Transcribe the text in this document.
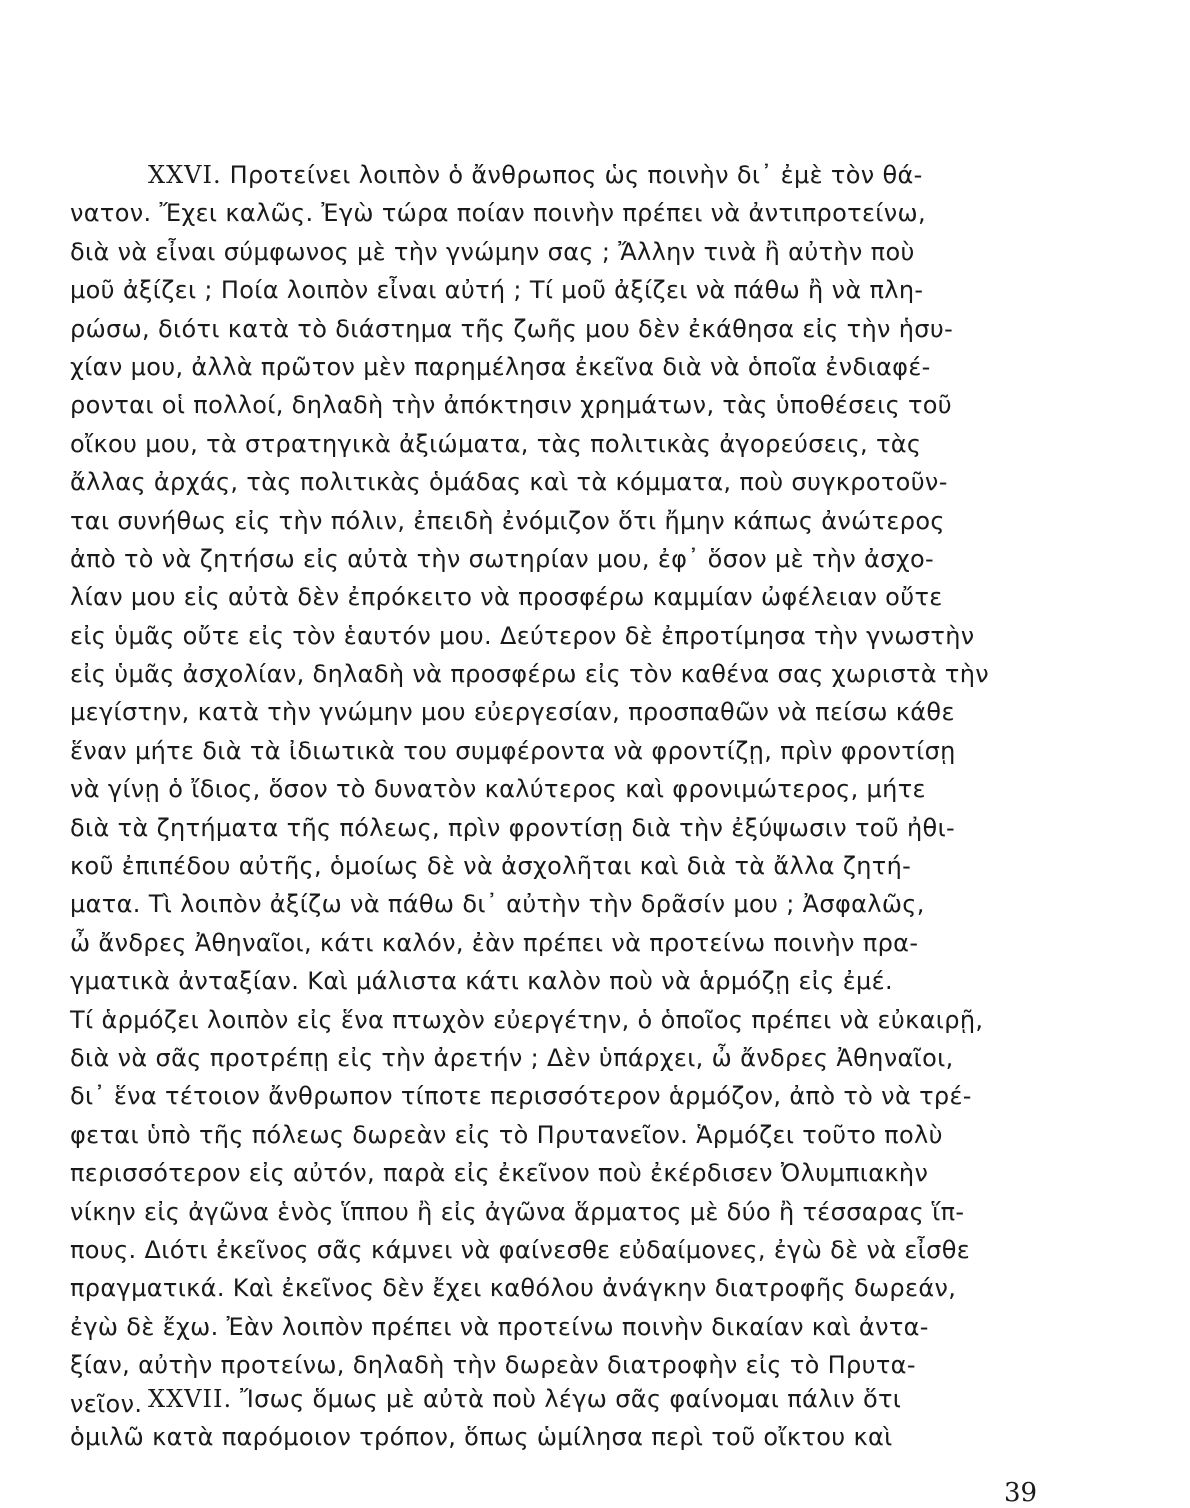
XXVI. Προτείνει λοιπὸν ὁ ἄνθρωπος ὡς ποινὴν δι᾽ ἐμὲ τὸν θά-
νατον. Ἔχει καλῶς. Ἐγὼ τώρα ποίαν ποινὴν πρέπει νὰ ἀντιπροτείνω,
διὰ νὰ εἶναι σύμφωνος μὲ τὴν γνώμην σας ; Ἄλλην τινὰ ἢ αὐτὴν ποὺ
μοῦ ἀξίζει ; Ποία λοιπὸν εἶναι αὐτή ; Τί μοῦ ἀξίζει νὰ πάθω ἢ νὰ πλη-
ρώσω, διότι κατὰ τὸ διάστημα τῆς ζωῆς μου δὲν ἐκάθησα εἰς τὴν ἡσυ-
χίαν μου, ἀλλὰ πρῶτον μὲν παρημέλησα ἐκεῖνα διὰ νὰ ὁποῖα ἐνδιαφέ-
ρονται οἱ πολλοί, δηλαδὴ τὴν ἀπόκτησιν χρημάτων, τὰς ὑποθέσεις τοῦ
οἴκου μου, τὰ στρατηγικὰ ἀξιώματα, τὰς πολιτικὰς ἀγορεύσεις, τὰς
ἄλλας ἀρχάς, τὰς πολιτικὰς ὁμάδας καὶ τὰ κόμματα, ποὺ συγκροτοῦν-
ται συνήθως εἰς τὴν πόλιν, ἐπειδὴ ἐνόμιζον ὅτι ἤμην κάπως ἀνώτερος
ἀπὸ τὸ νὰ ζητήσω εἰς αὐτὰ τὴν σωτηρίαν μου, ἐφ᾽ ὅσον μὲ τὴν ἀσχο-
λίαν μου εἰς αὐτὰ δὲν ἐπρόκειτο νὰ προσφέρω καμμίαν ὠφέλειαν οὔτε
εἰς ὑμᾶς οὔτε εἰς τὸν ἑαυτόν μου. Δεύτερον δὲ ἐπροτίμησα τὴν γνωστὴν
εἰς ὑμᾶς ἀσχολίαν, δηλαδὴ νὰ προσφέρω εἰς τὸν καθένα σας χωριστὰ τὴν
μεγίστην, κατὰ τὴν γνώμην μου εὐεργεσίαν, προσπαθῶν νὰ πείσω κάθε
ἕναν μήτε διὰ τὰ ἰδιωτικὰ του συμφέροντα νὰ φροντίζῃ, πρὶν φροντίσῃ
νὰ γίνῃ ὁ ἴδιος, ὅσον τὸ δυνατὸν καλύτερος καὶ φρονιμώτερος, μήτε
διὰ τὰ ζητήματα τῆς πόλεως, πρὶν φροντίσῃ διὰ τὴν ἐξύψωσιν τοῦ ἠθι-
κοῦ ἐπιπέδου αὐτῆς, ὁμοίως δὲ νὰ ἀσχολῆται καὶ διὰ τὰ ἄλλα ζητή-
ματα. Τὶ λοιπὸν ἀξίζω νὰ πάθω δι᾽ αὐτὴν τὴν δρᾶσίν μου ; Ἀσφαλῶς,
ὦ ἄνδρες Ἀθηναῖοι, κάτι καλόν, ἐὰν πρέπει νὰ προτείνω ποινὴν πρα-
γματικὰ ἀνταξίαν. Καὶ μάλιστα κάτι καλὸν ποὺ νὰ ἁρμόζῃ εἰς ἐμέ.
Τί ἁρμόζει λοιπὸν εἰς ἕνα πτωχὸν εὐεργέτην, ὁ ὁποῖος πρέπει νὰ εὐκαιρῇ,
διὰ νὰ σᾶς προτρέπῃ εἰς τὴν ἀρετήν ; Δὲν ὑπάρχει, ὦ ἄνδρες Ἀθηναῖοι,
δι᾽ ἕνα τέτοιον ἄνθρωπον τίποτε περισσότερον ἁρμόζον, ἀπὸ τὸ νὰ τρέ-
φεται ὑπὸ τῆς πόλεως δωρεὰν εἰς τὸ Πρυτανεῖον. Ἁρμόζει τοῦτο πολὺ
περισσότερον εἰς αὐτόν, παρὰ εἰς ἐκεῖνον ποὺ ἐκέρδισεν Ὀλυμπιακὴν
νίκην εἰς ἀγῶνα ἑνὸς ἵππου ἢ εἰς ἀγῶνα ἅρματος μὲ δύο ἢ τέσσαρας ἵπ-
πους. Διότι ἐκεῖνος σᾶς κάμνει νὰ φαίνεσθε εὐδαίμονες, ἐγὼ δὲ νὰ εἶσθε
πραγματικά. Καὶ ἐκεῖνος δὲν ἔχει καθόλου ἀνάγκην διατροφῆς δωρεάν,
ἐγὼ δὲ ἔχω. Ἐὰν λοιπὸν πρέπει νὰ προτείνω ποινὴν δικαίαν καὶ ἀντα-
ξίαν, αὐτὴν προτείνω, δηλαδὴ τὴν δωρεὰν διατροφὴν εἰς τὸ Πρυτα-
νεῖον. XXVII. Ἴσως ὅμως μὲ αὐτὰ ποὺ λέγω σᾶς φαίνομαι πάλιν ὅτι
ὁμιλῶ κατὰ παρόμοιον τρόπον, ὅπως ὡμίλησα περὶ τοῦ οἴκτου καὶ
39
